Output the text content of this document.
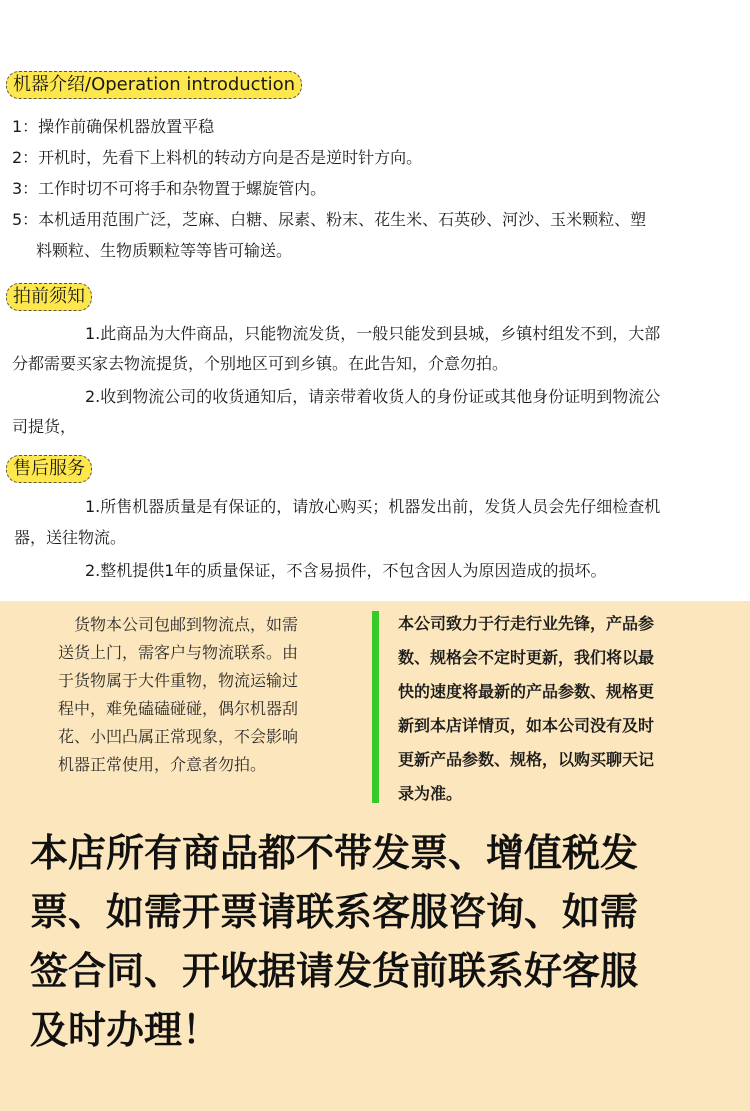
机器介绍/Operation introduction
1：操作前确保机器放置平稳
2：开机时，先看下上料机的转动方向是否是逆时针方向。
3：工作时切不可将手和杂物置于螺旋管内。
5：本机适用范围广泛，芝麻、白糖、尿素、粉末、花生米、石英砂、河沙、玉米颗粒、塑
料颗粒、生物质颗粒等等皆可输送。
拍前须知
1.此商品为大件商品，只能物流发货，一般只能发到县城，乡镇村组发不到，大部
分都需要买家去物流提货，个别地区可到乡镇。在此告知，介意勿拍。
2.收到物流公司的收货通知后，请亲带着收货人的身份证或其他身份证明到物流公
司提货，
售后服务
1.所售机器质量是有保证的，请放心购买；机器发出前，发货人员会先仔细检查机
器，送往物流。
2.整机提供1年的质量保证，不含易损件，不包含因人为原因造成的损坏。
货物本公司包邮到物流点，如需
送货上门，需客户与物流联系。由
于货物属于大件重物，物流运输过
程中，难免磕磕碰碰，偶尔机器刮
花、小凹凸属正常现象，不会影响
机器正常使用，介意者勿拍。
本公司致力于行走行业先锋，产品参
数、规格会不定时更新，我们将以最
快的速度将最新的产品参数、规格更
新到本店详情页，如本公司没有及时
更新产品参数、规格，以购买聊天记
录为准。
本店所有商品都不带发票、增值税发
票、如需开票请联系客服咨询、如需
签合同、开收据请发货前联系好客服
及时办理！
